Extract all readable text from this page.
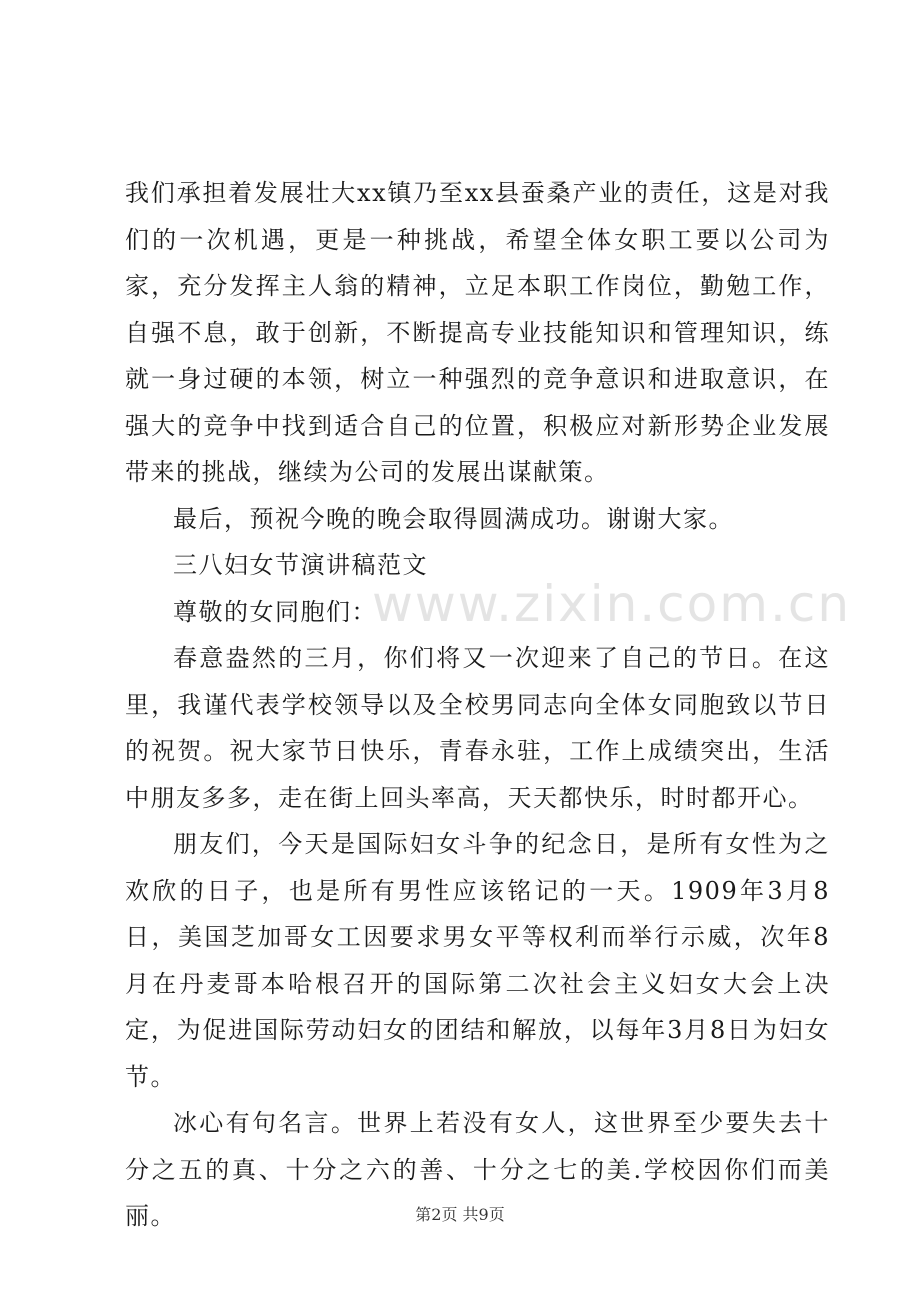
www.zixin.com.cn

我们承担着发展壮大xx镇乃至xx县蚕桑产业的责任，这是对我们的一次机遇，更是一种挑战，希望全体女职工要以公司为家，充分发挥主人翁的精神，立足本职工作岗位，勤勉工作，自强不息，敢于创新，不断提高专业技能知识和管理知识，练就一身过硬的本领，树立一种强烈的竞争意识和进取意识，在强大的竞争中找到适合自己的位置，积极应对新形势企业发展带来的挑战，继续为公司的发展出谋献策。

最后，预祝今晚的晚会取得圆满成功。谢谢大家。

三八妇女节演讲稿范文

尊敬的女同胞们：

春意盎然的三月，你们将又一次迎来了自己的节日。在这里，我谨代表学校领导以及全校男同志向全体女同胞致以节日的祝贺。祝大家节日快乐，青春永驻，工作上成绩突出，生活中朋友多多，走在街上回头率高，天天都快乐，时时都开心。

朋友们，今天是国际妇女斗争的纪念日，是所有女性为之欢欣的日子，也是所有男性应该铭记的一天。1909年3月8日，美国芝加哥女工因要求男女平等权利而举行示威，次年8月在丹麦哥本哈根召开的国际第二次社会主义妇女大会上决定，为促进国际劳动妇女的团结和解放，以每年3月8日为妇女节。

冰心有句名言。世界上若没有女人，这世界至少要失去十分之五的真、十分之六的善、十分之七的美.学校因你们而美丽。	第2页 共9页
